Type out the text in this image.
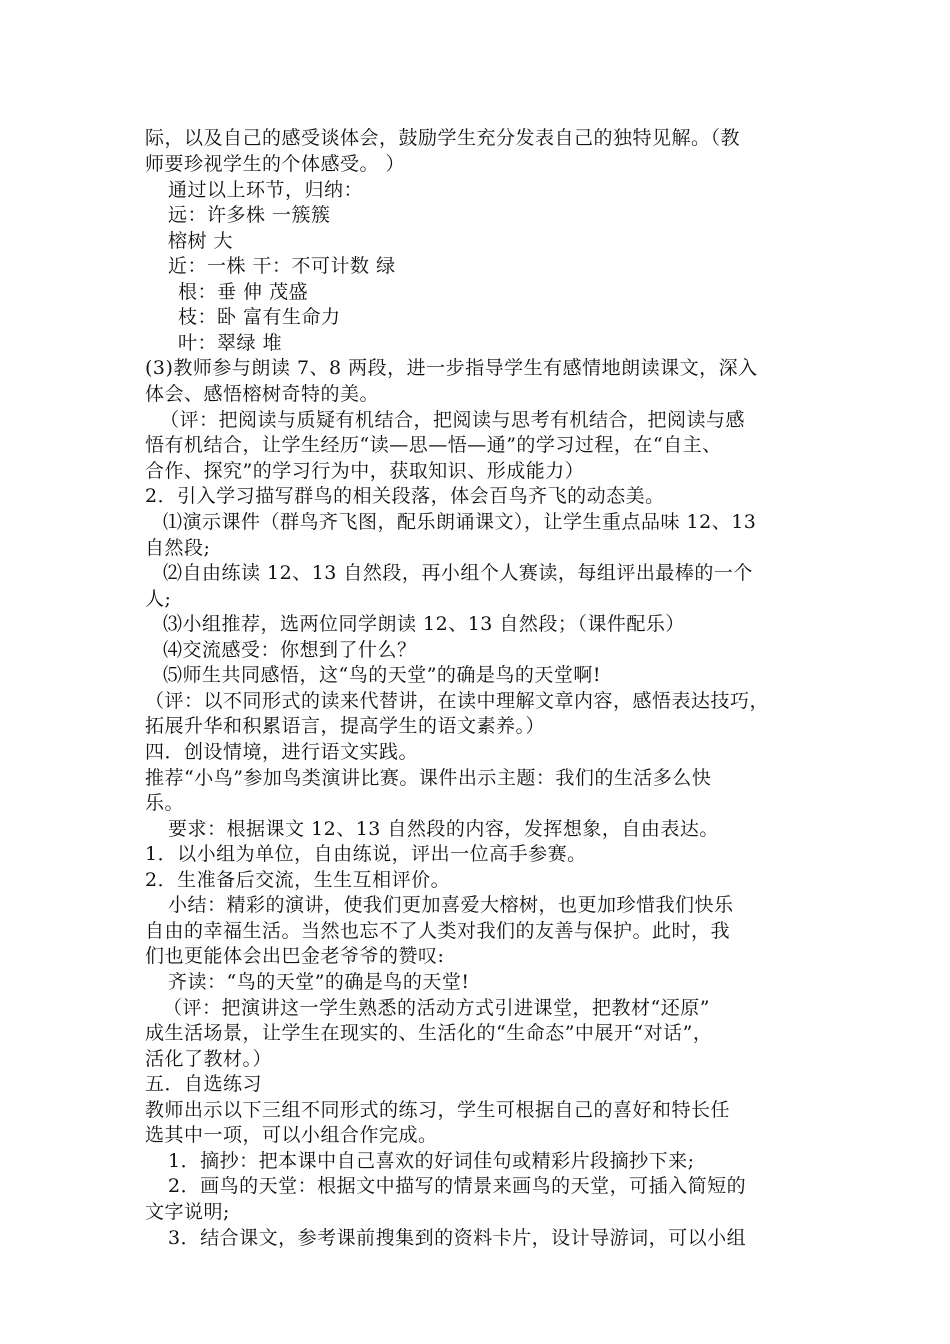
际，以及自己的感受谈体会，鼓励学生充分发表自己的独特见解。（教
师要珍视学生的个体感受。 ）
通过以上环节，归纳：
远：许多株 一簇簇
榕树 大
近：一株 干：不可计数 绿
根：垂 伸 茂盛
枝：卧 富有生命力
叶：翠绿 堆
(3)教师参与朗读 7、8 两段，进一步指导学生有感情地朗读课文，深入
体会、感悟榕树奇特的美。
（评：把阅读与质疑有机结合，把阅读与思考有机结合，把阅读与感
悟有机结合，让学生经历“读—思—悟—通”的学习过程，在“自主、
合作、探究”的学习行为中，获取知识、形成能力）
2．引入学习描写群鸟的相关段落，体会百鸟齐飞的动态美。
⑴演示课件（群鸟齐飞图，配乐朗诵课文），让学生重点品味 12、13
自然段;
⑵自由练读 12、13 自然段，再小组个人赛读，每组评出最棒的一个
人;
⑶小组推荐，选两位同学朗读 12、13 自然段；（课件配乐）
⑷交流感受：你想到了什么？
⑸师生共同感悟，这“鸟的天堂”的确是鸟的天堂啊!
（评：以不同形式的读来代替讲，在读中理解文章内容，感悟表达技巧，
拓展升华和积累语言，提高学生的语文素养。）
四．创设情境，进行语文实践。
推荐“小鸟”参加鸟类演讲比赛。课件出示主题：我们的生活多么快
乐。
要求：根据课文 12、13 自然段的内容，发挥想象，自由表达。
1．以小组为单位，自由练说，评出一位高手参赛。
2．生准备后交流，生生互相评价。
小结：精彩的演讲，使我们更加喜爱大榕树，也更加珍惜我们快乐
自由的幸福生活。当然也忘不了人类对我们的友善与保护。此时，我
们也更能体会出巴金老爷爷的赞叹:
齐读：“鸟的天堂”的确是鸟的天堂!
（评：把演讲这一学生熟悉的活动方式引进课堂，把教材“还原”
成生活场景，让学生在现实的、生活化的“生命态”中展开“对话”，
活化了教材。）
五．自选练习
教师出示以下三组不同形式的练习，学生可根据自己的喜好和特长任
选其中一项，可以小组合作完成。
1．摘抄：把本课中自己喜欢的好词佳句或精彩片段摘抄下来;
2．画鸟的天堂：根据文中描写的情景来画鸟的天堂，可插入简短的
文字说明;
3．结合课文，参考课前搜集到的资料卡片，设计导游词，可以小组
